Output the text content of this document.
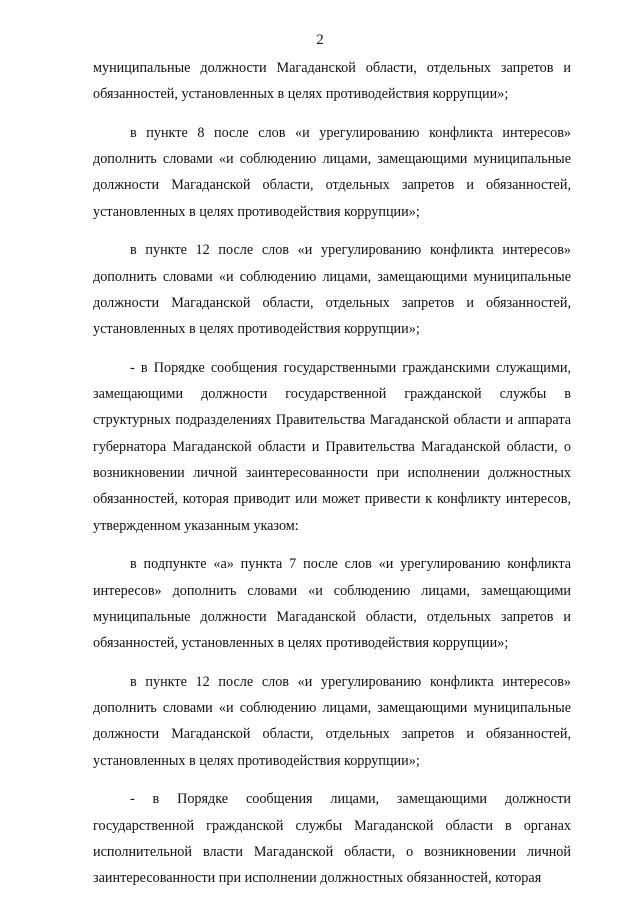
2

муниципальные должности Магаданской области, отдельных запретов и обязанностей, установленных в целях противодействия коррупции»;

в пункте 8 после слов «и урегулированию конфликта интересов» дополнить словами «и соблюдению лицами, замещающими муниципальные должности Магаданской области, отдельных запретов и обязанностей, установленных в целях противодействия коррупции»;

в пункте 12 после слов «и урегулированию конфликта интересов» дополнить словами «и соблюдению лицами, замещающими муниципальные должности Магаданской области, отдельных запретов и обязанностей, установленных в целях противодействия коррупции»;

- в Порядке сообщения государственными гражданскими служащими, замещающими должности государственной гражданской службы в структурных подразделениях Правительства Магаданской области и аппарата губернатора Магаданской области и Правительства Магаданской области, о возникновении личной заинтересованности при исполнении должностных обязанностей, которая приводит или может привести к конфликту интересов, утвержденном указанным указом:

в подпункте «а» пункта 7 после слов «и урегулированию конфликта интересов» дополнить словами «и соблюдению лицами, замещающими муниципальные должности Магаданской области, отдельных запретов и обязанностей, установленных в целях противодействия коррупции»;

в пункте 12 после слов «и урегулированию конфликта интересов» дополнить словами «и соблюдению лицами, замещающими муниципальные должности Магаданской области, отдельных запретов и обязанностей, установленных в целях противодействия коррупции»;

- в Порядке сообщения лицами, замещающими должности государственной гражданской службы Магаданской области в органах исполнительной власти Магаданской области, о возникновении личной заинтересованности при исполнении должностных обязанностей, которая
